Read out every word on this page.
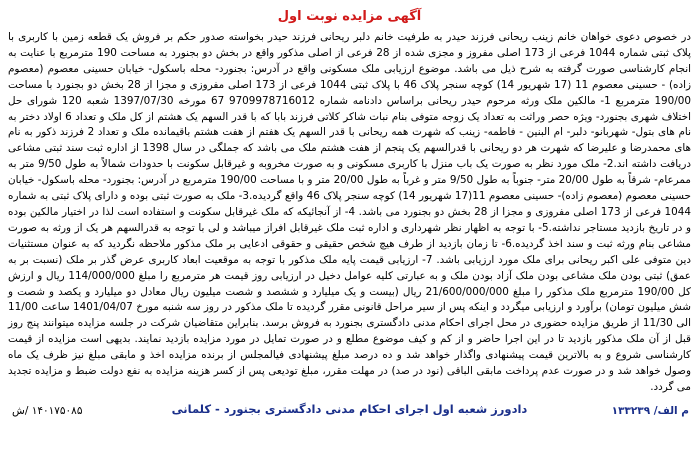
آگهی مزایده نوبت اول

در خصوص دعوی خواهان خانم زینب ریحانی فرزند حیدر به طرفیت خانم دلبر ریحانی فرزند حیدر بخواسته صدور حکم بر فروش یک قطعه زمین با کاربری با پلاک ثبتی شماره 1044 فرعی از 173 اصلی مفروز و مجزی شده از 28 فرعی از اصلی مذکور واقع در بخش دو بجنورد به مساحت 190 مترمربع با عنایت به انجام کارشناسی صورت گرفته به شرح ذیل می باشد. موضوع ارزیابی ملک مسکونی واقع در آدرس: بجنورد- محله باسکول- خیابان حسینی معصوم (معصوم زاده) - حسینی معصوم 11 (17 شهریور 14) کوچه سنجر پلاک 46 با پلاک ثبتی 1044 فرعی از 173 اصلی مفروزی و مجزا از 28 بخش دو بجنورد با مساحت 190/00 مترمربع 1- مالکین ملک ورثه مرحوم حیدر ریحانی براساس دادنامه شماره 9709978716012 67 مورخه 1397/07/30 شعبه 120 شورای حل اختلاف شهری بجنورد- ویژه حصر وراثت به تعداد یک زوجه متوفی بنام نبات شاکر کلاتی فرزند بابا که با قدر السهم یک هشتم از کل ملک و تعداد 6 اولاد دختر به نام های بتول- شهربانو- دلبر- ام البنین - فاطمه- زینب که شهرت همه ریحانی با قدر السهم یک هفتم از هفت هشتم باقیمانده ملک و تعداد 2 فرزند ذکور به نام های محمدرضا و علیرضا که شهرت هر دو ریحانی با قدرالسهم یک پنجم از هفت هشتم ملک می باشد که جملگی در سال 1398 از اداره ثبت سند ثبتی مشاعی دریافت داشته اند.2- ملک مورد نظر به صورت یک باب منزل با کاربری مسکونی و به صورت مخروبه و غیرقابل سکونت با حدودات شمالاً به طول 9/50 متر به ممرعام- شرقاً به طول 20/00 متر- جنوباً به طول 9/50 متر و غرباً به طول 20/00 متر و با مساحت 190/00 مترمربع در آدرس: بجنورد- محله باسکول- خیابان حسینی معصوم (معصوم زاده)- حسینی معصوم 11(17 شهریور 14) کوچه سنجر پلاک 46 واقع گردیده.3- ملک به صورت ثبتی بوده و دارای پلاک ثبتی به شماره 1044 فرعی از 173 اصلی مفروزی و مجزا از 28 بخش دو بجنورد می باشد. 4- از آنجائیکه که ملک غیرقابل سکونت و استفاده است لذا در اختیار مالکین بوده و در تاریخ بازدید مستاجر نداشته.5- با توجه به اظهار نظر شهرداری و اداره ثبت ملک غیرقابل افراز میباشد و لی با توجه به قدرالسهم هر یک از ورثه به صورت مشاعی بنام ورثه ثبت و سند اخذ گردیده.6- تا زمان بازدید از طرف هیچ شخص حقیقی و حقوقی ادعایی بر ملک مذکور ملاحظه نگردید که به عنوان مستثنیات دین متوفی علی اکبر ریحانی برای ملک مورد ارزیابی باشد. 7- ارزیابی قیمت پایه ملک مذکور با توجه به موقعیت ابعاد کاربری عرض گذر بر ملک (نسبت بر به عمق) ثبتی بودن ملک مشاعی بودن ملک آزاد بودن ملک و به عبارتی کلیه عوامل دخیل در ارزیابی روز قیمت هر مترمربع را مبلغ 114/000/000 ریال و ارزش کل 190/00 مترمربع ملک مذکور را مبلغ 21/600/000/000 ریال (بیست و یک میلیارد و ششصد و شصت میلیون ریال معادل دو میلیارد و یکصد و شصت و شش میلیون تومان) برآورد و ارزیابی میگردد و اینکه پس از سیر مراحل قانونی مقرر گردیده تا ملک مذکور در روز سه شنبه مورخ 1401/04/07 ساعت 11/00 الی 11/30 از طریق مزایده حضوری در محل اجرای احکام مدنی دادگستری بجنورد به فروش برسد. بنابراین متقاضیان شرکت در جلسه مزایده میتوانند پنج روز قبل از آن ملک مذکور بازدید تا در این اجرا حاضر و از کم و کیف موضوع مطلع و در صورت تمایل در مورد مزایده بازدید نمایند. بدیهی است مزایده از قیمت کارشناسی شروع و به بالاترین قیمت پیشنهادی واگذار خواهد شد و ده درصد مبلغ پیشنهادی فیالمجلس از برنده مزایده اخذ و مابقی مبلغ نیز ظرف یک ماه وصول خواهد شد و در صورت عدم پرداخت مابقی الباقی (نود در صد) در مهلت مقرر، مبلغ تودیعی پس از کسر هزینه مزایده به نفع دولت ضبط و مزایده تجدید می گردد.

م الف/ ۱۳۳۲۳۹
دادورز شعبه اول اجرای احکام مدنی دادگستری بجنورد - کلمانی
۱۴۰۱۷۵۰۸۵ /ش
